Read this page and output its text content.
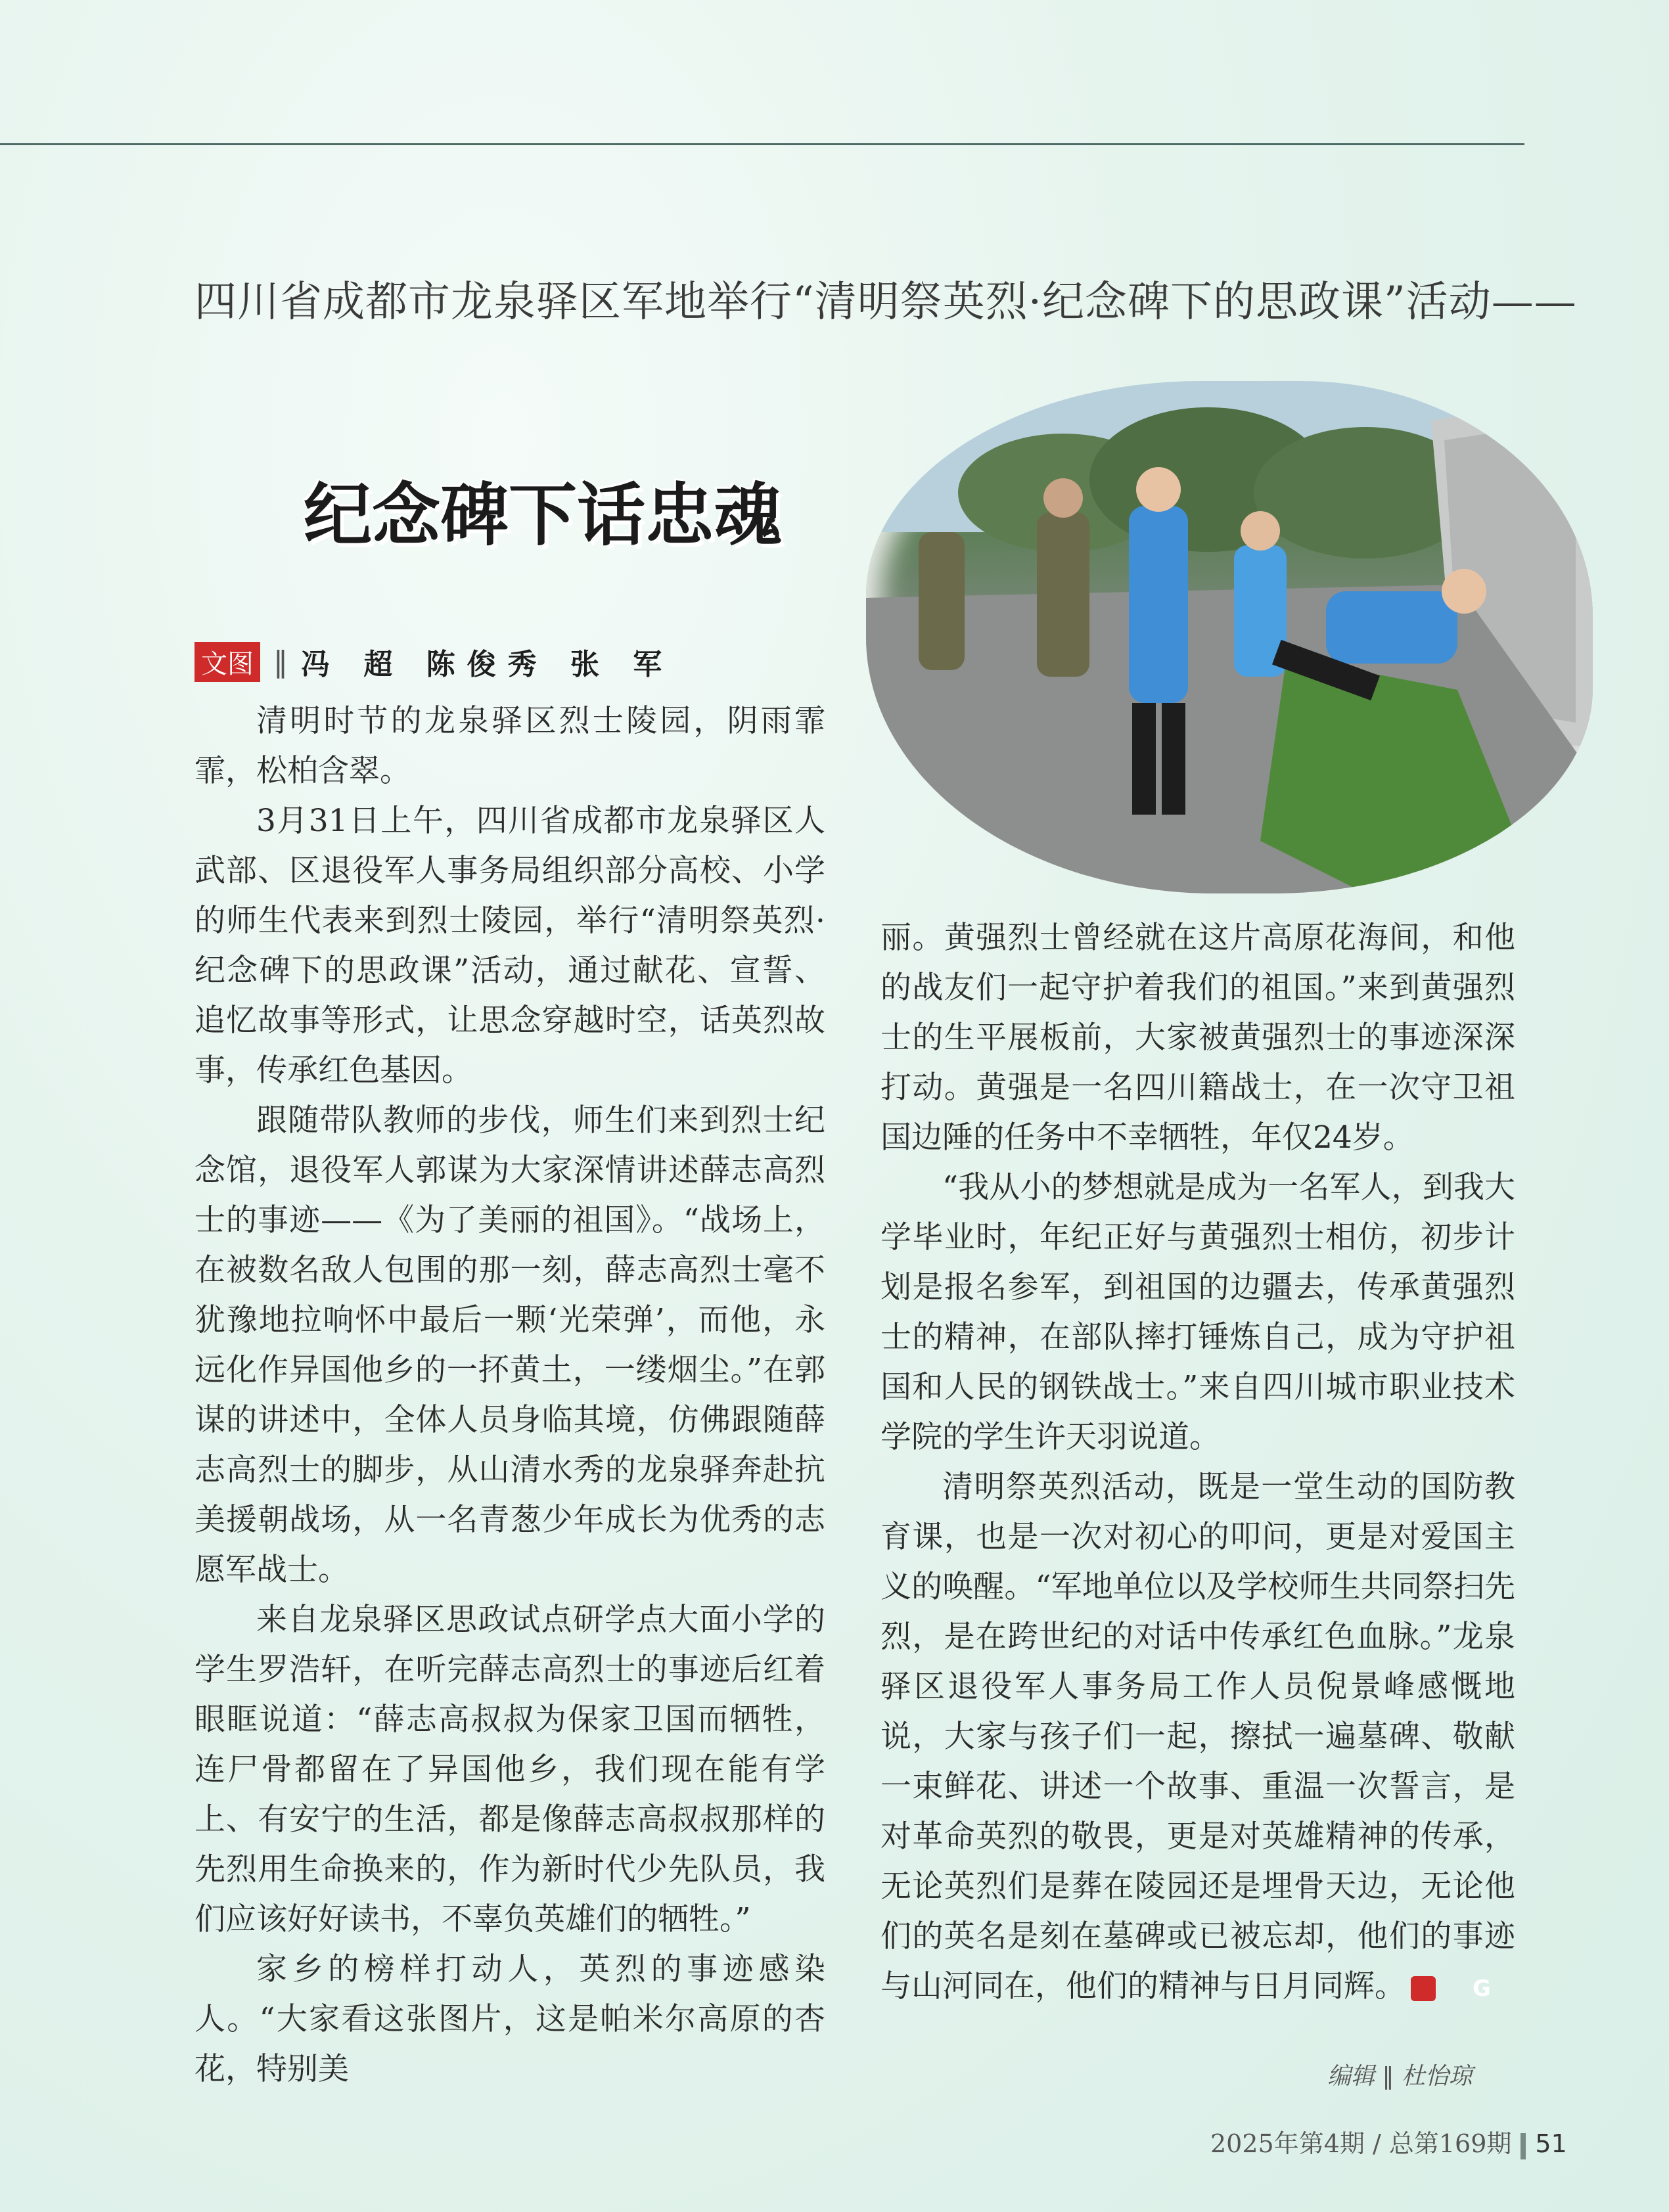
四川省成都市龙泉驿区军地举行“清明祭英烈·纪念碑下的思政课”活动——
纪念碑下话忠魂
文图 ‖ 冯 超 陈俊秀 张 军

清明时节的龙泉驿区烈士陵园，阴雨霏霏，松柏含翠。

3月31日上午，四川省成都市龙泉驿区人武部、区退役军人事务局组织部分高校、小学的师生代表来到烈士陵园，举行“清明祭英烈·纪念碑下的思政课”活动，通过献花、宣誓、追忆故事等形式，让思念穿越时空，话英烈故事，传承红色基因。

跟随带队教师的步伐，师生们来到烈士纪念馆，退役军人郭谋为大家深情讲述薛志高烈士的事迹——《为了美丽的祖国》。“战场上，在被数名敌人包围的那一刻，薛志高烈士毫不犹豫地拉响怀中最后一颗‘光荣弹’，而他，永远化作异国他乡的一抔黄土，一缕烟尘。”在郭谋的讲述中，全体人员身临其境，仿佛跟随薛志高烈士的脚步，从山清水秀的龙泉驿奔赴抗美援朝战场，从一名青葱少年成长为优秀的志愿军战士。

来自龙泉驿区思政试点研学点大面小学的学生罗浩轩，在听完薛志高烈士的事迹后红着眼眶说道：“薛志高叔叔为保家卫国而牺牲，连尸骨都留在了异国他乡，我们现在能有学上、有安宁的生活，都是像薛志高叔叔那样的先烈用生命换来的，作为新时代少先队员，我们应该好好读书，不辜负英雄们的牺牲。”

家乡的榜样打动人，英烈的事迹感染人。“大家看这张图片，这是帕米尔高原的杏花，特别美

丽。黄强烈士曾经就在这片高原花海间，和他的战友们一起守护着我们的祖国。”来到黄强烈士的生平展板前，大家被黄强烈士的事迹深深打动。黄强是一名四川籍战士，在一次守卫祖国边陲的任务中不幸牺牲，年仅24岁。

“我从小的梦想就是成为一名军人，到我大学毕业时，年纪正好与黄强烈士相仿，初步计划是报名参军，到祖国的边疆去，传承黄强烈士的精神，在部队摔打锤炼自己，成为守护祖国和人民的钢铁战士。”来自四川城市职业技术学院的学生许天羽说道。

清明祭英烈活动，既是一堂生动的国防教育课，也是一次对初心的叩问，更是对爱国主义的唤醒。“军地单位以及学校师生共同祭扫先烈，是在跨世纪的对话中传承红色血脉。”龙泉驿区退役军人事务局工作人员倪景峰感慨地说，大家与孩子们一起，擦拭一遍墓碑、敬献一束鲜花、讲述一个故事、重温一次誓言，是对革命英烈的敬畏，更是对英雄精神的传承，无论英烈们是葬在陵园还是埋骨天边，无论他们的英名是刻在墓碑或已被忘却，他们的事迹与山河同在，他们的精神与日月同辉。	G

编辑 ‖ 杜怡琼
2025年第4期 / 总第169期 51
